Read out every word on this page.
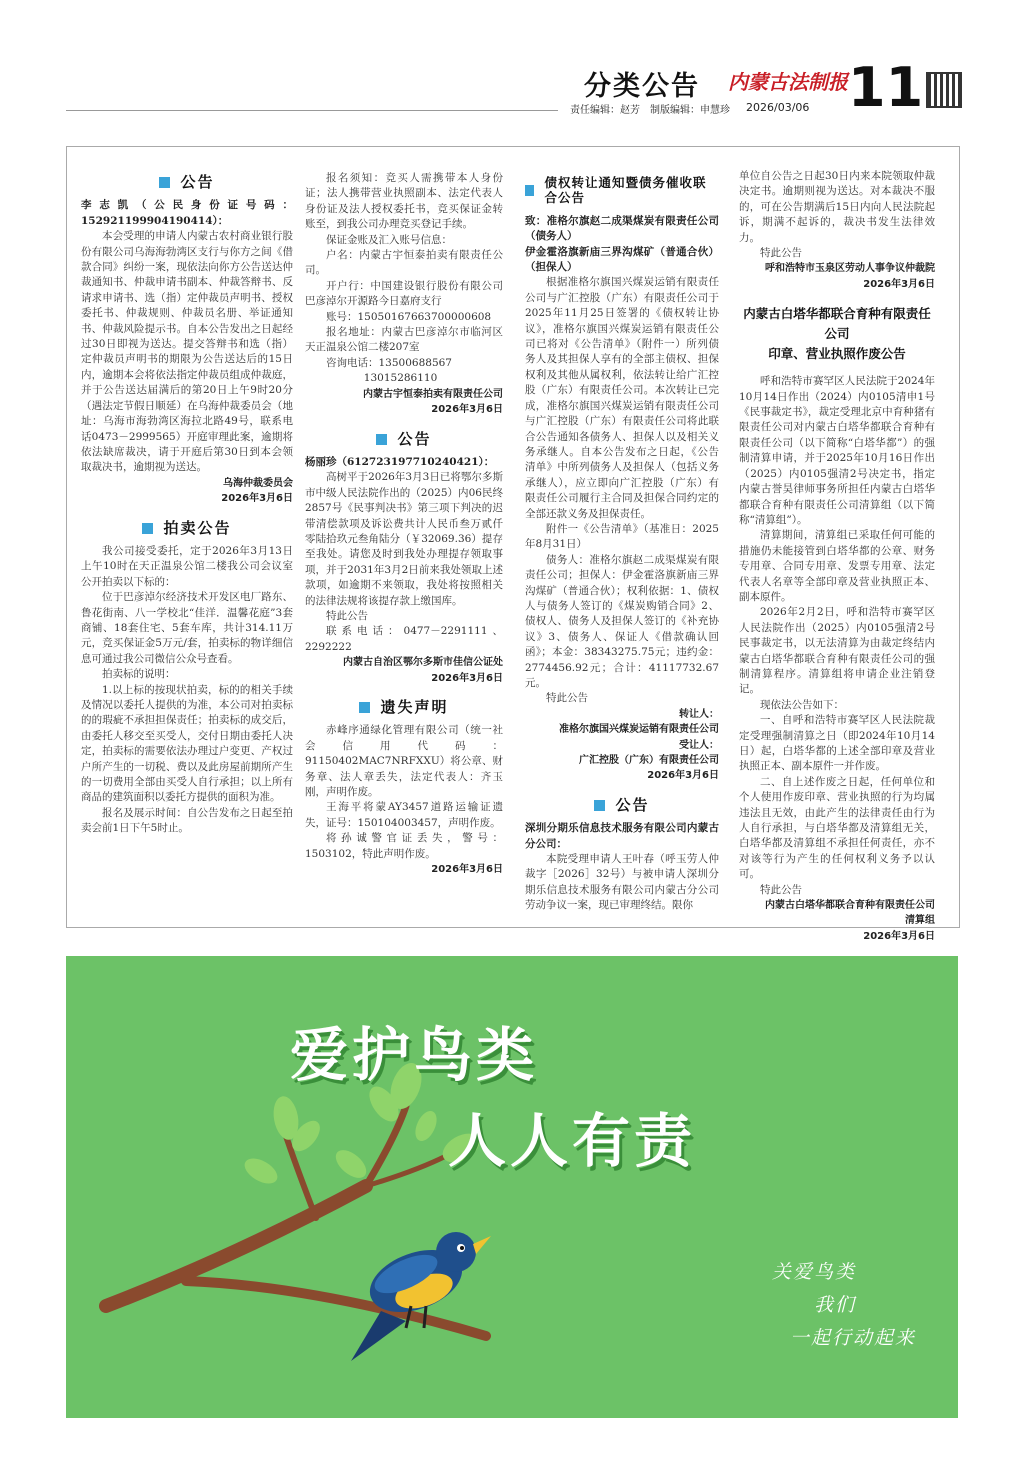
分类公告 内蒙古法制报 11
责任编辑：赵芳　制版编辑：申慧珍 2026/03/06
公告

李志凯（公民身份证号码：152921199904190414）：

本会受理的申请人内蒙古农村商业银行股份有限公司乌海海勃湾区支行与你方之间《借款合同》纠纷一案，现依法向你方公告送达仲裁通知书、仲裁申请书副本、仲裁答辩书、反请求申请书、选（指）定仲裁员声明书、授权委托书、仲裁规则、仲裁员名册、举证通知书、仲裁风险提示书。自本公告发出之日起经过30日即视为送达。提交答辩书和选（指）定仲裁员声明书的期限为公告送达后的15日内，逾期本会将依法指定仲裁员组成仲裁庭，并于公告送达届满后的第20日上午9时20分（遇法定节假日顺延）在乌海仲裁委员会（地址：乌海市海勃湾区海拉北路49号，联系电话0473－2999565）开庭审理此案，逾期将依法缺席裁决，请于开庭后第30日到本会领取裁决书，逾期视为送达。

乌海仲裁委员会

2026年3月6日

拍卖公告

我公司接受委托，定于2026年3月13日上午10时在天正温泉公馆二楼我公司会议室公开拍卖以下标的：

位于巴彦淖尔经济技术开发区电厂路东、鲁花街南、八一学校北“佳洋．温馨花庭”3套商铺、18套住宅、5套车库，共计314.11万元，竞买保证金5万元/套，拍卖标的物详细信息可通过我公司微信公众号查看。

拍卖标的说明：

1.以上标的按现状拍卖，标的的相关手续及情况以委托人提供的为准，本公司对拍卖标的的瑕疵不承担担保责任；拍卖标的成交后，由委托人移交至买受人，交付日期由委托人决定，拍卖标的需要依法办理过户变更、产权过户所产生的一切税、费以及此房屋前期所产生的一切费用全部由买受人自行承担；以上所有商品的建筑面积以委托方提供的面积为准。

报名及展示时间：自公告发布之日起至拍卖会前1日下午5时止。

报名须知：竞买人需携带本人身份证；法人携带营业执照副本、法定代表人身份证及法人授权委托书，竞买保证金转账至，到我公司办理竞买登记手续。

保证金账及汇入账号信息：

户名：内蒙古宇恒泰拍卖有限责任公司。

开户行：中国建设银行股份有限公司巴彦淖尔开源路今日嘉府支行

账号：15050167663700000608

报名地址：内蒙古巴彦淖尔市临河区天正温泉公馆二楼207室

咨询电话：13500688567

13015286110

内蒙古宇恒泰拍卖有限责任公司

2026年3月6日

公告

杨丽珍（612723197710240421）：

高树平于2026年3月3日已将鄂尔多斯市中级人民法院作出的（2025）内06民终2857号《民事判决书》第三项下判决的迟带清偿款项及诉讼费共计人民币叁万贰仟零陆拾玖元叁角陆分（￥32069.36）提存至我处。请您及时到我处办理提存领取事项，并于2031年3月2日前来我处领取上述款项，如逾期不来领取，我处将按照相关的法律法规将该提存款上缴国库。

特此公告

联系电话：0477－2291111、2292222

内蒙古自治区鄂尔多斯市佳信公证处

2026年3月6日

遗失声明

赤峰序通绿化管理有限公司（统一社会信用代码：91150402MAC7NRFXXU）将公章、财务章、法人章丢失，法定代表人：齐玉刚，声明作废。

王海平将蒙AY3457道路运输证遗失，证号：150104003457，声明作废。

将孙诚警官证丢失，警号：1503102，特此声明作废。

2026年3月6日

债权转让通知暨债务催收联合公告

致：准格尔旗赵二成渠煤炭有限责任公司（债务人）

伊金霍洛旗新庙三界沟煤矿（普通合伙）（担保人）

根据准格尔旗国兴煤炭运销有限责任公司与广汇控股（广东）有限责任公司于2025年11月25日签署的《债权转让协议》，准格尔旗国兴煤炭运销有限责任公司已将对《公告清单》（附件一）所列债务人及其担保人享有的全部主债权、担保权利及其他从属权利，依法转让给广汇控股（广东）有限责任公司。本次转让已完成，准格尔旗国兴煤炭运销有限责任公司与广汇控股（广东）有限责任公司将此联合公告通知各债务人、担保人以及相关义务承继人。自本公告发布之日起，《公告清单》中所列债务人及担保人（包括义务承继人），应立即向广汇控股（广东）有限责任公司履行主合同及担保合同约定的全部还款义务及担保责任。

附件一《公告清单》（基准日：2025年8月31日）

债务人：准格尔旗赵二成渠煤炭有限责任公司；担保人：伊金霍洛旗新庙三界沟煤矿（普通合伙）；权利依据：1、债权人与债务人签订的《煤炭购销合同》2、债权人、债务人及担保人签订的《补充协议》3、债务人、保证人《借款确认回函》；本金：38343275.75元；违约金：2774456.92元；合计：41117732.67元。

特此公告

转让人：

准格尔旗国兴煤炭运销有限责任公司

受让人：

广汇控股（广东）有限责任公司

2026年3月6日

公告

深圳分期乐信息技术服务有限公司内蒙古分公司：

本院受理申请人王叶春（呼玉劳人仲裁字［2026］32号）与被申请人深圳分期乐信息技术服务有限公司内蒙古分公司劳动争议一案，现已审理终结。限你

单位自公告之日起30日内来本院领取仲裁决定书。逾期则视为送达。对本裁决不服的，可在公告期满后15日内向人民法院起诉，期满不起诉的，裁决书发生法律效力。

特此公告

呼和浩特市玉泉区劳动人事争议仲裁院

2026年3月6日

内蒙古白塔华都联合育种有限责任公司
印章、营业执照作废公告

呼和浩特市赛罕区人民法院于2024年10月14日作出（2024）内0105清申1号《民事裁定书》，裁定受理北京中育种猪有限责任公司对内蒙古白塔华都联合育种有限责任公司（以下简称“白塔华都”）的强制清算申请，并于2025年10月16日作出（2025）内0105强清2号决定书，指定内蒙古誉昊律师事务所担任内蒙古白塔华都联合育种有限责任公司清算组（以下简称“清算组”）。

清算期间，清算组已采取任何可能的措施仍未能接管到白塔华都的公章、财务专用章、合同专用章、发票专用章、法定代表人名章等全部印章及营业执照正本、副本原件。

2026年2月2日，呼和浩特市赛罕区人民法院作出（2025）内0105强清2号民事裁定书，以无法清算为由裁定终结内蒙古白塔华都联合育种有限责任公司的强制清算程序。清算组将申请企业注销登记。

现依法公告如下：

一、自呼和浩特市赛罕区人民法院裁定受理强制清算之日（即2024年10月14日）起，白塔华都的上述全部印章及营业执照正本、副本原件一并作废。

二、自上述作废之日起，任何单位和个人使用作废印章、营业执照的行为均属违法且无效，由此产生的法律责任由行为人自行承担，与白塔华都及清算组无关，白塔华都及清算组不承担任何责任，亦不对该等行为产生的任何权利义务予以认可。

特此公告

内蒙古白塔华都联合育种有限责任公司

清算组

2026年3月6日

爱护鸟类
人人有责
关爱鸟类
我们
一起行动起来
